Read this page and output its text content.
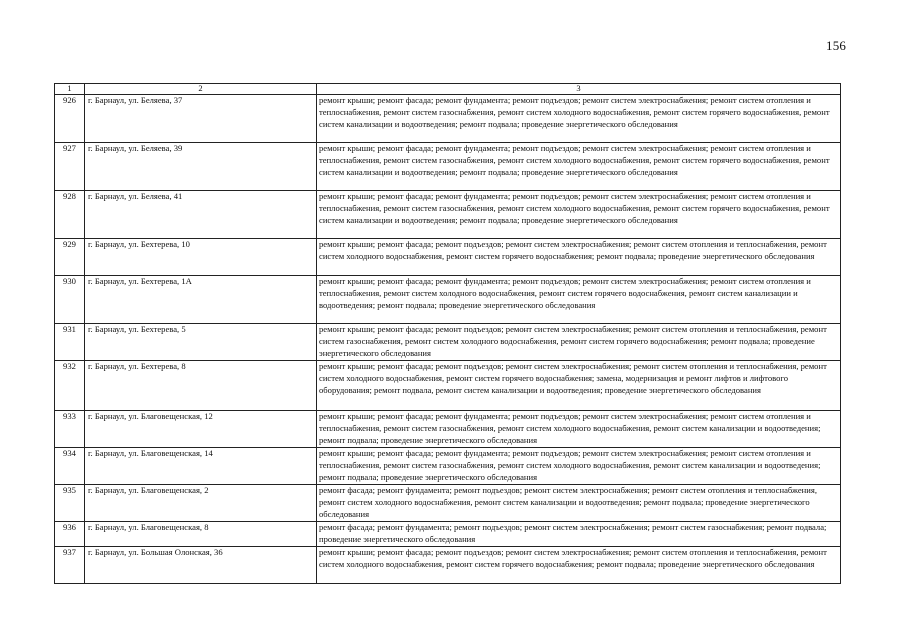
156
1	2	3
926	г. Барнаул, ул. Беляева, 37	ремонт крыши; ремонт фасада; ремонт фундамента; ремонт подъездов; ремонт систем электроснабжения; ремонт систем отопления и теплоснабжения, ремонт систем газоснабжения, ремонт систем холодного водоснабжения, ремонт систем горячего водоснабжения, ремонт систем канализации и водоотведения; ремонт подвала; проведение энергетического обследования
927	г. Барнаул, ул. Беляева, 39	ремонт крыши; ремонт фасада; ремонт фундамента; ремонт подъездов; ремонт систем электроснабжения; ремонт систем отопления и теплоснабжения, ремонт систем газоснабжения, ремонт систем холодного водоснабжения, ремонт систем горячего водоснабжения, ремонт систем канализации и водоотведения; ремонт подвала; проведение энергетического обследования
928	г. Барнаул, ул. Беляева, 41	ремонт крыши; ремонт фасада; ремонт фундамента; ремонт подъездов; ремонт систем электроснабжения; ремонт систем отопления и теплоснабжения, ремонт систем газоснабжения, ремонт систем холодного водоснабжения, ремонт систем горячего водоснабжения, ремонт систем канализации и водоотведения; ремонт подвала; проведение энергетического обследования
929	г. Барнаул, ул. Бехтерева, 10	ремонт крыши; ремонт фасада; ремонт подъездов; ремонт систем электроснабжения; ремонт систем отопления и теплоснабжения, ремонт систем холодного водоснабжения, ремонт систем горячего водоснабжения; ремонт подвала; проведение энергетического обследования
930	г. Барнаул, ул. Бехтерева, 1А	ремонт крыши; ремонт фасада; ремонт фундамента; ремонт подъездов; ремонт систем электроснабжения; ремонт систем отопления и теплоснабжения, ремонт систем холодного водоснабжения, ремонт систем горячего водоснабжения, ремонт систем канализации и водоотведения; ремонт подвала; проведение энергетического обследования
931	г. Барнаул, ул. Бехтерева, 5	ремонт крыши; ремонт фасада; ремонт подъездов; ремонт систем электроснабжения; ремонт систем отопления и теплоснабжения, ремонт систем газоснабжения, ремонт систем холодного водоснабжения, ремонт систем горячего водоснабжения; ремонт подвала; проведение энергетического обследования
932	г. Барнаул, ул. Бехтерева, 8	ремонт крыши; ремонт фасада; ремонт подъездов; ремонт систем электроснабжения; ремонт систем отопления и теплоснабжения, ремонт систем холодного водоснабжения, ремонт систем горячего водоснабжения; замена, модернизация и ремонт лифтов и лифтового оборудования; ремонт подвала, ремонт систем канализации и водоотведения; проведение энергетического обследования
933	г. Барнаул, ул. Благовещенская, 12	ремонт крыши; ремонт фасада; ремонт фундамента; ремонт подъездов; ремонт систем электроснабжения; ремонт систем отопления и теплоснабжения, ремонт систем газоснабжения, ремонт систем холодного водоснабжения, ремонт систем канализации и водоотведения; ремонт подвала; проведение энергетического обследования
934	г. Барнаул, ул. Благовещенская, 14	ремонт крыши; ремонт фасада; ремонт фундамента; ремонт подъездов; ремонт систем электроснабжения; ремонт систем отопления и теплоснабжения, ремонт систем газоснабжения, ремонт систем холодного водоснабжения, ремонт систем канализации и водоотведения; ремонт подвала; проведение энергетического обследования
935	г. Барнаул, ул. Благовещенская, 2	ремонт фасада; ремонт фундамента; ремонт подъездов; ремонт систем электроснабжения; ремонт систем отопления и теплоснабжения, ремонт систем холодного водоснабжения, ремонт систем канализации и водоотведения; ремонт подвала; проведение энергетического обследования
936	г. Барнаул, ул. Благовещенская, 8	ремонт фасада; ремонт фундамента; ремонт подъездов; ремонт систем электроснабжения; ремонт систем газоснабжения; ремонт подвала; проведение энергетического обследования
937	г. Барнаул, ул. Большая Олонская, 36	ремонт крыши; ремонт фасада; ремонт подъездов; ремонт систем электроснабжения; ремонт систем отопления и теплоснабжения, ремонт систем холодного водоснабжения, ремонт систем горячего водоснабжения; ремонт подвала; проведение энергетического обследования
